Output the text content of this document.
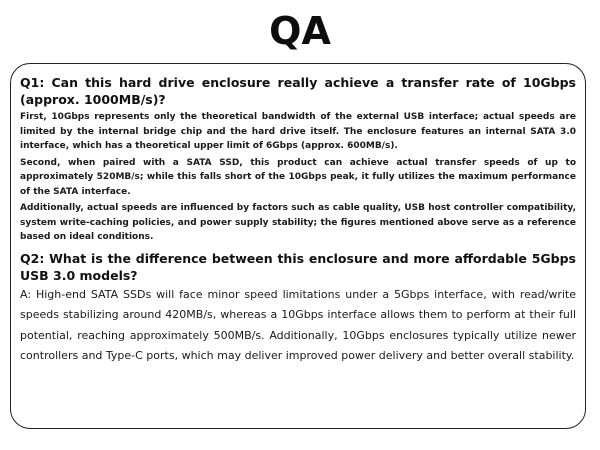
QA

Q1: Can this hard drive enclosure really achieve a transfer rate of 10Gbps (approx. 1000MB/s)?

First, 10Gbps represents only the theoretical bandwidth of the external USB interface; actual speeds are limited by the internal bridge chip and the hard drive itself. The enclosure features an internal SATA 3.0 interface, which has a theoretical upper limit of 6Gbps (approx. 600MB/s).

Second, when paired with a SATA SSD, this product can achieve actual transfer speeds of up to approximately 520MB/s; while this falls short of the 10Gbps peak, it fully utilizes the maximum performance of the SATA interface.

Additionally, actual speeds are influenced by factors such as cable quality, USB host controller compatibility, system write-caching policies, and power supply stability; the figures mentioned above serve as a reference based on ideal conditions.

Q2: What is the difference between this enclosure and more affordable 5Gbps USB 3.0 models?

A: High-end SATA SSDs will face minor speed limitations under a 5Gbps interface, with read/write speeds stabilizing around 420MB/s, whereas a 10Gbps interface allows them to perform at their full potential, reaching approximately 500MB/s. Additionally, 10Gbps enclosures typically utilize newer controllers and Type-C ports, which may deliver improved power delivery and better overall stability.
